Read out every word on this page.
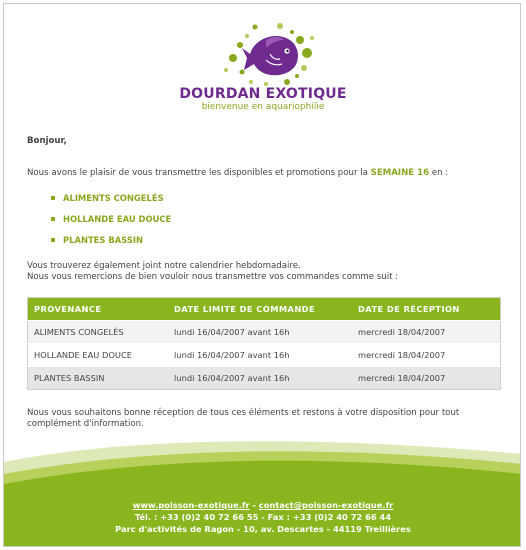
DOURDAN EXOTIQUE
bienvenue en aquariophilie

Bonjour,

Nous avons le plaisir de vous transmettre les disponibles et promotions pour la SEMAINE 16 en :

ALIMENTS CONGELÉS
HOLLANDE EAU DOUCE
PLANTES BASSIN

Vous trouverez également joint notre calendrier hebdomadaire.
Nous vous remercions de bien vouloir nous transmettre vos commandes comme suit :

PROVENANCE	DATE LIMITE DE COMMANDE	DATE DE RÉCEPTION
ALIMENTS CONGELÉS	lundi 16/04/2007 avant 16h	mercredi 18/04/2007
HOLLANDE EAU DOUCE	lundi 16/04/2007 avant 16h	mercredi 18/04/2007
PLANTES BASSIN	lundi 16/04/2007 avant 16h	mercredi 18/04/2007

Nous vous souhaitons bonne réception de tous ces éléments et restons à votre disposition pour tout complément d'information.

www.poisson-exotique.fr - contact@poisson-exotique.fr
Tél. : +33 (0)2 40 72 66 55 - Fax : +33 (0)2 40 72 66 44
Parc d'activités de Ragon - 10, av. Descartes - 44119 Treillières
